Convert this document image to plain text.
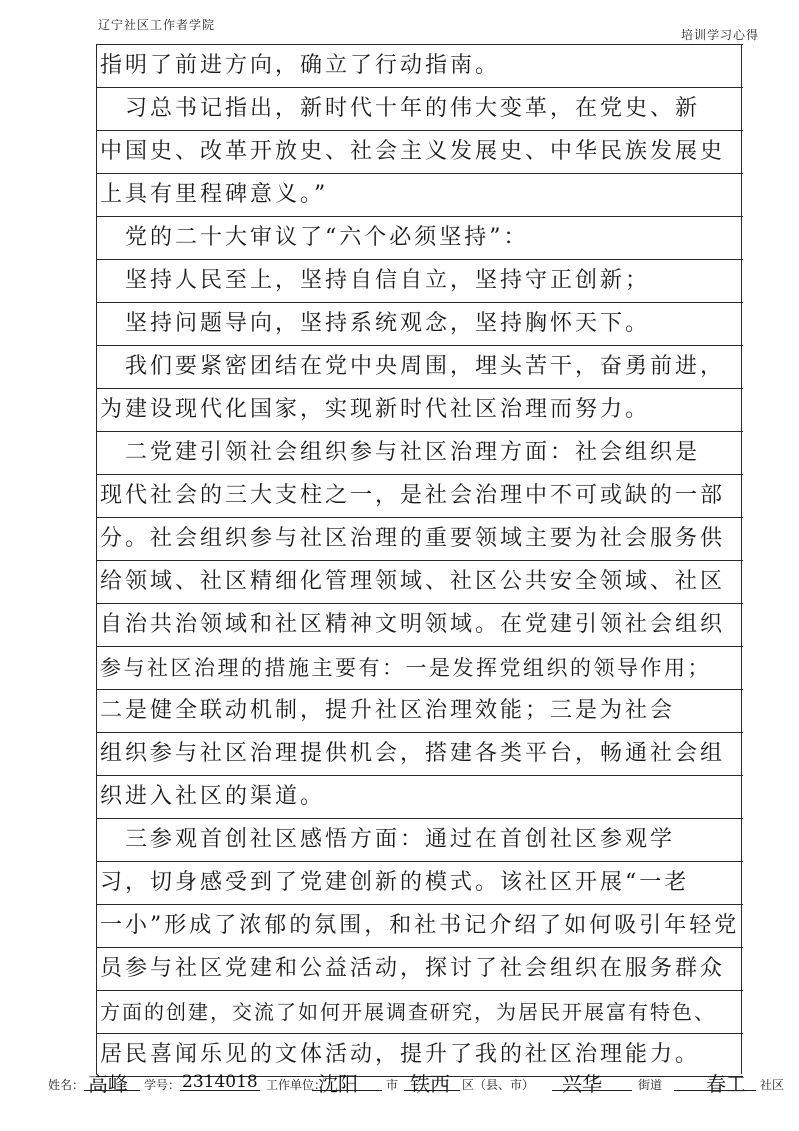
辽宁社区工作者学院
培训学习心得
指明了前进方向，确立了行动指南。
　习总书记指出，新时代十年的伟大变革，在党史、新
中国史、改革开放史、社会主义发展史、中华民族发展史
上具有里程碑意义。”
　党的二十大审议了“六个必须坚持”：
　坚持人民至上，坚持自信自立，坚持守正创新；
　坚持问题导向，坚持系统观念，坚持胸怀天下。
　我们要紧密团结在党中央周围，埋头苦干，奋勇前进，
为建设现代化国家，实现新时代社区治理而努力。
　二党建引领社会组织参与社区治理方面：社会组织是
现代社会的三大支柱之一，是社会治理中不可或缺的一部
分。社会组织参与社区治理的重要领域主要为社会服务供
给领域、社区精细化管理领域、社区公共安全领域、社区
自治共治领域和社区精神文明领域。在党建引领社会组织
参与社区治理的措施主要有：一是发挥党组织的领导作用；
二是健全联动机制，提升社区治理效能；三是为社会
组织参与社区治理提供机会，搭建各类平台，畅通社会组
织进入社区的渠道。
　三参观首创社区感悟方面：通过在首创社区参观学
习，切身感受到了党建创新的模式。该社区开展“一老
一小”形成了浓郁的氛围，和社书记介绍了如何吸引年轻党
员参与社区党建和公益活动，探讨了社会组织在服务群众
方面的创建，交流了如何开展调查研究，为居民开展富有特色、
居民喜闻乐见的文体活动，提升了我的社区治理能力。
姓名： 高峰 学号： 2314018 工作单位：
沈阳 市 铁西 区（县、市） 兴华	街道 春工 社区
